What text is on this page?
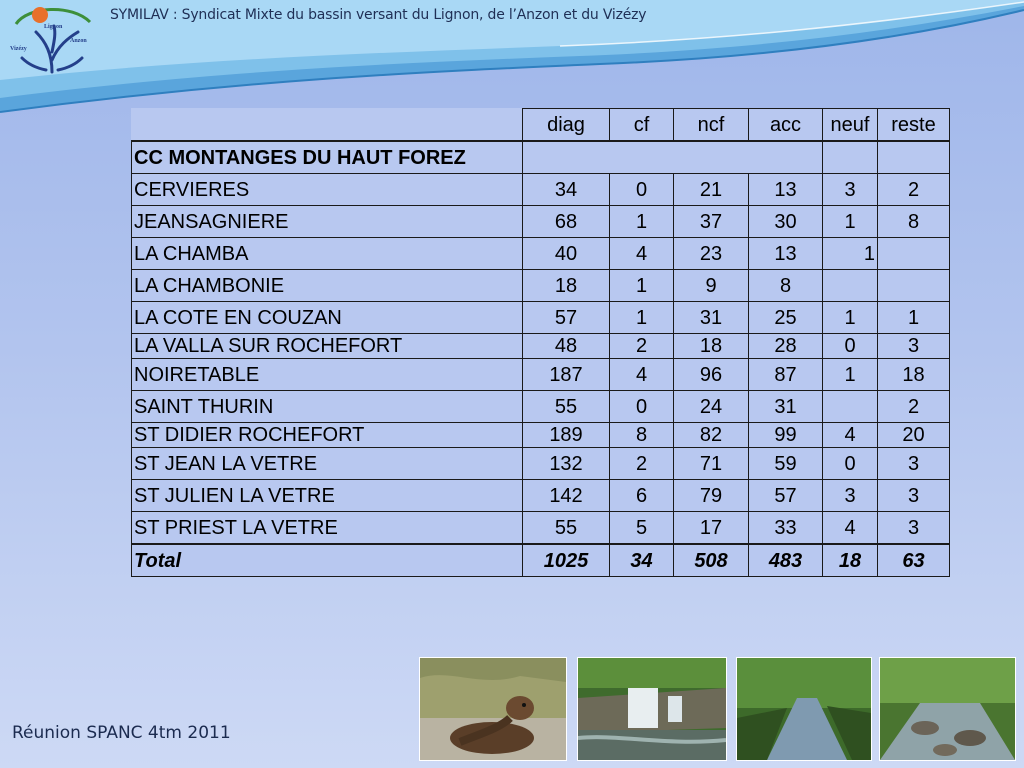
Lignon
Anzon
Vizézy
SYMILAV : Syndicat Mixte du bassin versant du Lignon, de l’Anzon et du Vizézy
	diag	cf	ncf	acc	neuf	reste
CC MONTANGES DU HAUT FOREZ						
CERVIERES	34	0	21	13	3	2
JEANSAGNIERE	68	1	37	30	1	8
LA CHAMBA	40	4	23	13	1	
LA CHAMBONIE	18	1	9	8		
LA COTE EN COUZAN	57	1	31	25	1	1
LA VALLA SUR ROCHEFORT	48	2	18	28	0	3
NOIRETABLE	187	4	96	87	1	18
SAINT THURIN	55	0	24	31		2
ST DIDIER ROCHEFORT	189	8	82	99	4	20
ST JEAN LA VETRE	132	2	71	59	0	3
ST JULIEN LA VETRE	142	6	79	57	3	3
ST PRIEST LA VETRE	55	5	17	33	4	3
Total	1025	34	508	483	18	63
Réunion SPANC 4tm 2011
